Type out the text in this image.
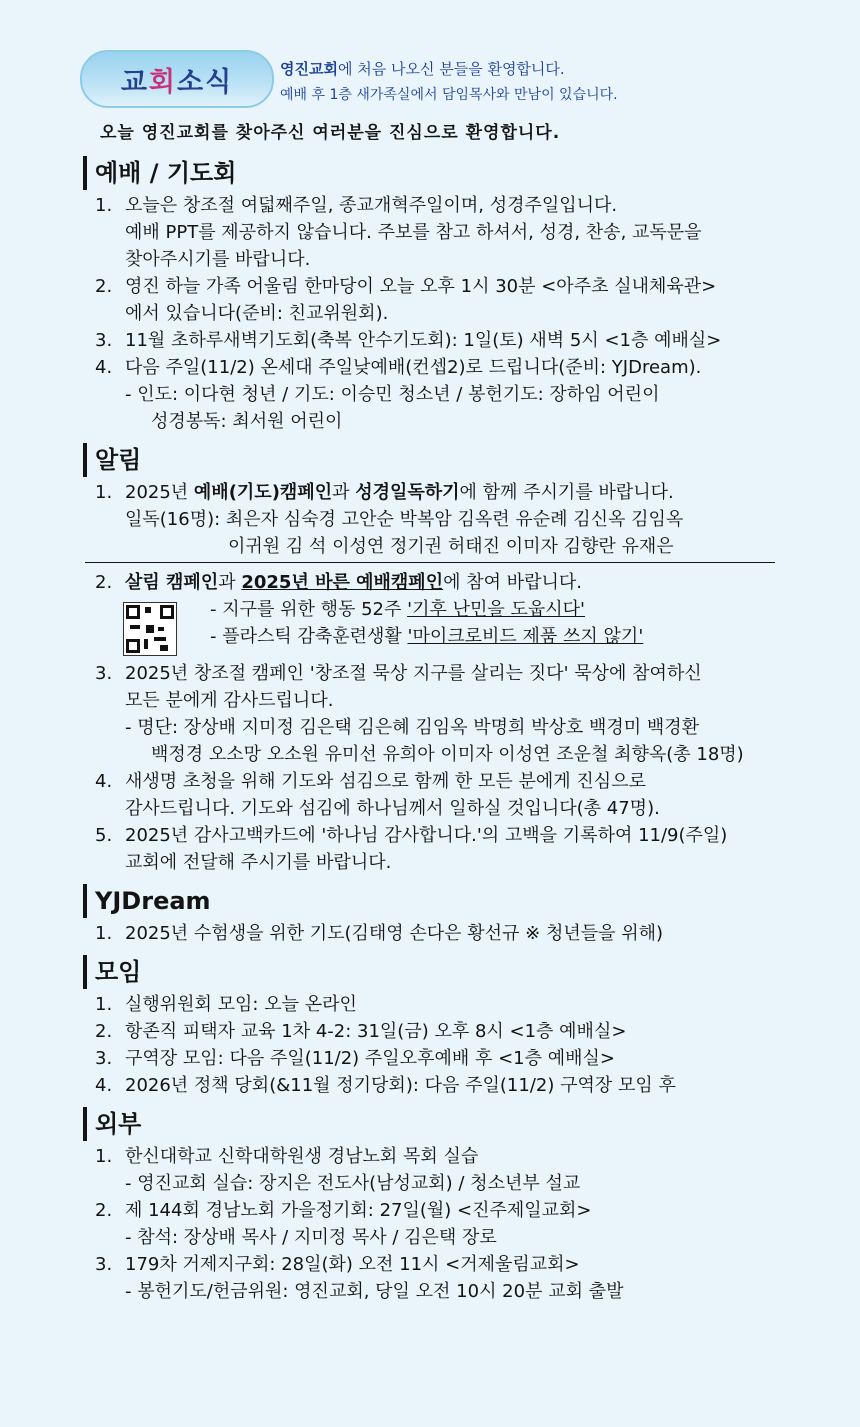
교 회 소식	영진교회에 처음 나오신 분들을 환영합니다.
예배 후 1층 새가족실에서 담임목사와 만남이 있습니다.
오늘 영진교회를 찾아주신 여러분을 진심으로 환영합니다.
예배 / 기도회
1. 오늘은 창조절 여덟째주일, 종교개혁주일이며, 성경주일입니다.
예배 PPT를 제공하지 않습니다. 주보를 참고 하셔서, 성경, 찬송, 교독문을
찾아주시기를 바랍니다.
2. 영진 하늘 가족 어울림 한마당이 오늘 오후 1시 30분 <아주초 실내체육관>
에서 있습니다(준비: 친교위원회).
3. 11월 초하루새벽기도회(축복 안수기도회): 1일(토) 새벽 5시 <1층 예배실>
4. 다음 주일(11/2) 온세대 주일낮예배(컨셉2)로 드립니다(준비: YJDream).
- 인도: 이다현 청년 / 기도: 이승민 청소년 / 봉헌기도: 장하임 어린이
성경봉독: 최서원 어린이
알림
1. 2025년 예배(기도)캠페인과 성경일독하기에 함께 주시기를 바랍니다.
일독(16명): 최은자 심숙경 고안순 박복암 김옥련 유순례 김신옥 김임옥
이귀원 김 석 이성연 정기권 허태진 이미자 김향란 유재은
2. 살림 캠페인과 2025년 바른 예배캠페인에 참여 바랍니다.
- 지구를 위한 행동 52주 '기후 난민을 도웁시다'
- 플라스틱 감축훈련생활 '마이크로비드 제품 쓰지 않기'
3. 2025년 창조절 캠페인 '창조절 묵상 지구를 살리는 짓다' 묵상에 참여하신
모든 분에게 감사드립니다.
- 명단: 장상배 지미정 김은택 김은혜 김임옥 박명희 박상호 백경미 백경환
백정경 오소망 오소원 유미선 유희아 이미자 이성연 조운철 최향옥(총 18명)
4. 새생명 초청을 위해 기도와 섬김으로 함께 한 모든 분에게 진심으로
감사드립니다. 기도와 섬김에 하나님께서 일하실 것입니다(총 47명).
5. 2025년 감사고백카드에 '하나님 감사합니다.'의 고백을 기록하여 11/9(주일)
교회에 전달해 주시기를 바랍니다.
YJDream
1. 2025년 수험생을 위한 기도(김태영 손다은 황선규 ※ 청년들을 위해)
모임
1. 실행위원회 모임: 오늘 온라인
2. 항존직 피택자 교육 1차 4-2: 31일(금) 오후 8시 <1층 예배실>
3. 구역장 모임: 다음 주일(11/2) 주일오후예배 후 <1층 예배실>
4. 2026년 정책 당회(&11월 정기당회): 다음 주일(11/2) 구역장 모임 후
외부
1. 한신대학교 신학대학원생 경남노회 목회 실습
- 영진교회 실습: 장지은 전도사(남성교회) / 청소년부 설교
2. 제 144회 경남노회 가을정기회: 27일(월) <진주제일교회>
- 참석: 장상배 목사 / 지미정 목사 / 김은택 장로
3. 179차 거제지구회: 28일(화) 오전 11시 <거제울림교회>
- 봉헌기도/헌금위원: 영진교회, 당일 오전 10시 20분 교회 출발
